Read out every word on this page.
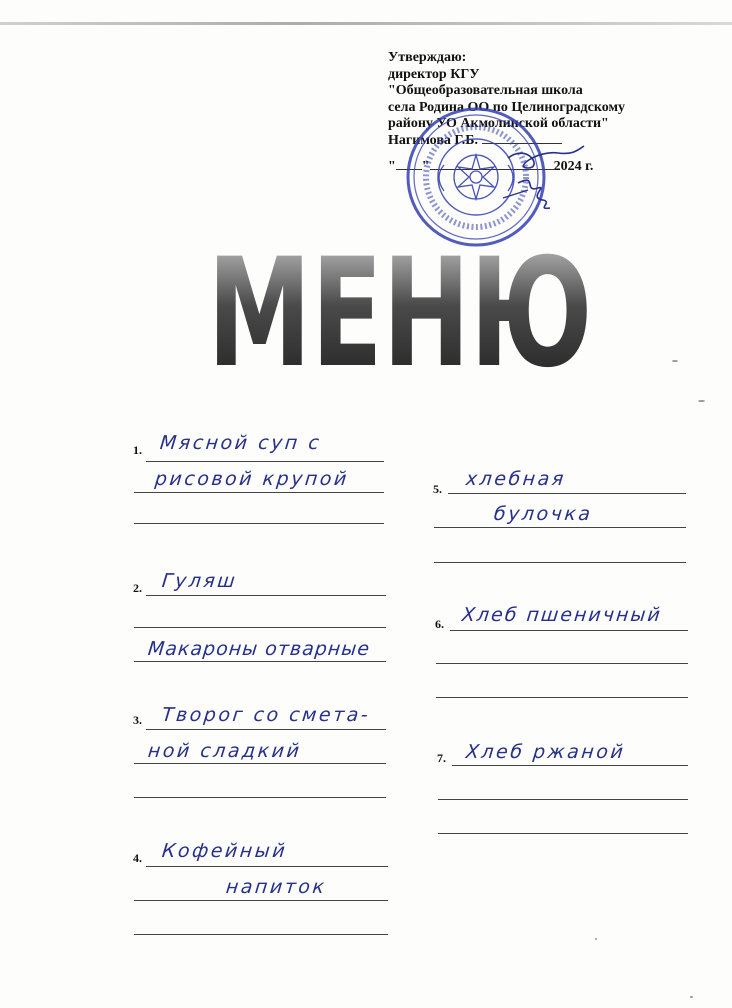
Утверждаю:
директор КГУ
"Общеобразовательная школа
села Родина ОО по Целиноградскому
району УО Акмолинской области"
Нагимова Г.Б.
" "	2024 г.
МЕНЮ
1. Мясной суп с
рисовой крупой
2. Гуляш
Макароны отварные
3. Творог со смета-
ной сладкий
4. Кофейный
напиток
5. хлебная
булочка
6. Хлеб пшеничный
7. Хлеб ржаной
